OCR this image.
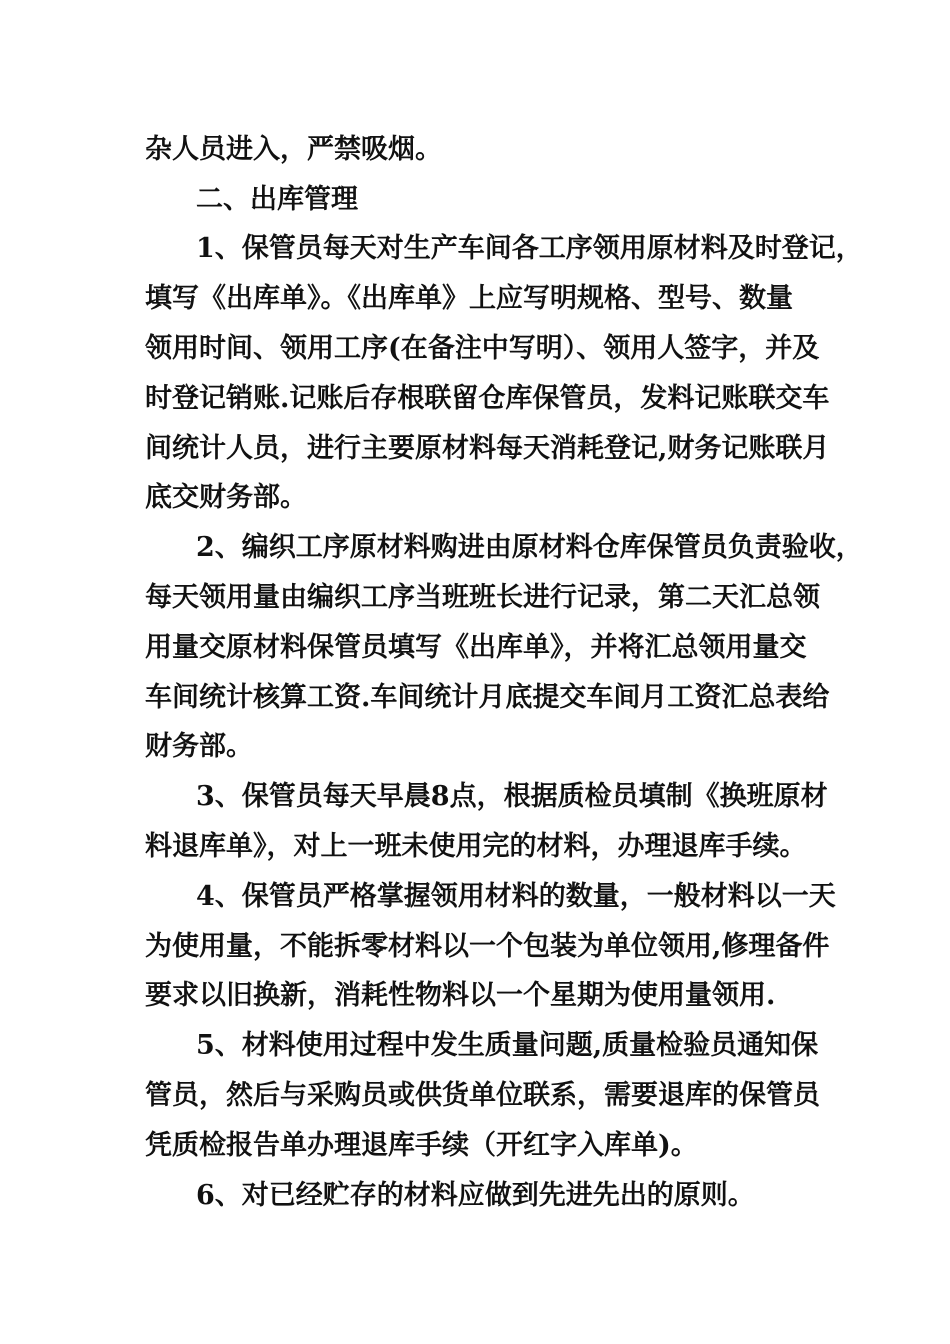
杂人员进入，严禁吸烟。
二、出库管理
1、保管员每天对生产车间各工序领用原材料及时登记，
填写《出库单》。《出库单》上应写明规格、型号、数量
领用时间、领用工序(在备注中写明）、领用人签字，并及
时登记销账.记账后存根联留仓库保管员，发料记账联交车
间统计人员，进行主要原材料每天消耗登记,财务记账联月
底交财务部。
2、编织工序原材料购进由原材料仓库保管员负责验收，
每天领用量由编织工序当班班长进行记录，第二天汇总领
用量交原材料保管员填写《出库单》，并将汇总领用量交
车间统计核算工资.车间统计月底提交车间月工资汇总表给
财务部。
3、保管员每天早晨8点，根据质检员填制《换班原材
料退库单》，对上一班未使用完的材料，办理退库手续。
4、保管员严格掌握领用材料的数量，一般材料以一天
为使用量，不能拆零材料以一个包装为单位领用,修理备件
要求以旧换新，消耗性物料以一个星期为使用量领用.
5、材料使用过程中发生质量问题,质量检验员通知保
管员，然后与采购员或供货单位联系，需要退库的保管员
凭质检报告单办理退库手续（开红字入库单)。
6、对已经贮存的材料应做到先进先出的原则。
